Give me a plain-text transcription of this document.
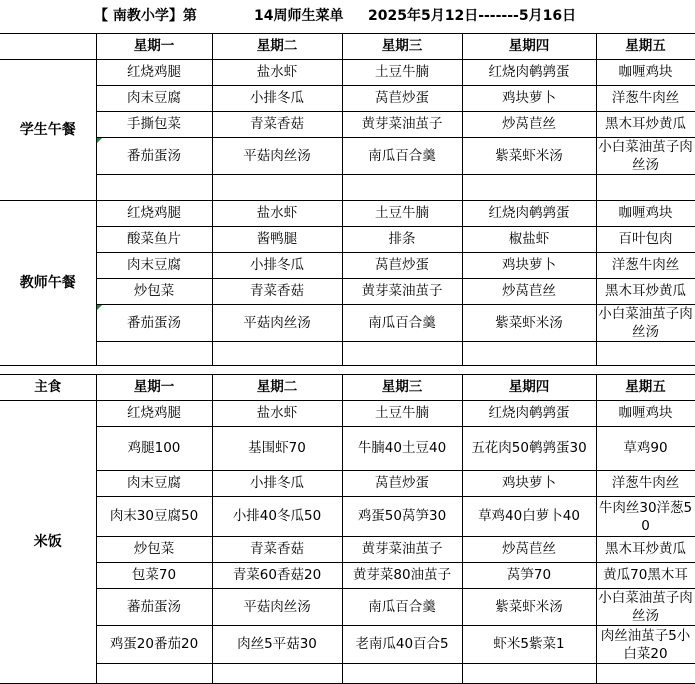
【 南教小学】第

	14周师生菜单

2025年5月12日-------5月16日

	星期一	星期二	星期三	星期四	星期五
学生午餐	红烧鸡腿	盐水虾	土豆牛腩	红烧肉鹌鹑蛋	咖喱鸡块
	肉末豆腐	小排冬瓜	莴苣炒蛋	鸡块萝卜	洋葱牛肉丝
	手撕包菜	青菜香菇	黄芽菜油茧子	炒莴苣丝	黑木耳炒黄瓜
	番茄蛋汤	平菇肉丝汤	南瓜百合羹	紫菜虾米汤	小白菜油茧子肉丝汤

教师午餐	红烧鸡腿	盐水虾	土豆牛腩	红烧肉鹌鹑蛋	咖喱鸡块
	酸菜鱼片	酱鸭腿	排条	椒盐虾	百叶包肉
	肉末豆腐	小排冬瓜	莴苣炒蛋	鸡块萝卜	洋葱牛肉丝
	炒包菜	青菜香菇	黄芽菜油茧子	炒莴苣丝	黑木耳炒黄瓜
	番茄蛋汤	平菇肉丝汤	南瓜百合羹	紫菜虾米汤	小白菜油茧子肉丝汤

主食	星期一	星期二	星期三	星期四	星期五
米饭	红烧鸡腿	盐水虾	土豆牛腩	红烧肉鹌鹑蛋	咖喱鸡块
	鸡腿100	基围虾70	牛腩40土豆40	五花肉50鹌鹑蛋30	草鸡90
	肉末豆腐	小排冬瓜	莴苣炒蛋	鸡块萝卜	洋葱牛肉丝
	肉末30豆腐50	小排40冬瓜50	鸡蛋50莴笋30	草鸡40白萝卜40	牛肉丝30洋葱50
	炒包菜	青菜香菇	黄芽菜油茧子	炒莴苣丝	黑木耳炒黄瓜
	包菜70	青菜60香菇20	黄芽菜80油茧子	莴笋70	黄瓜70黑木耳
	蕃茄蛋汤	平菇肉丝汤	南瓜百合羹	紫菜虾米汤	小白菜油茧子肉丝汤
	鸡蛋20番茄20	肉丝5平菇30	老南瓜40百合5	虾米5紫菜1	肉丝油茧子5小白菜20
